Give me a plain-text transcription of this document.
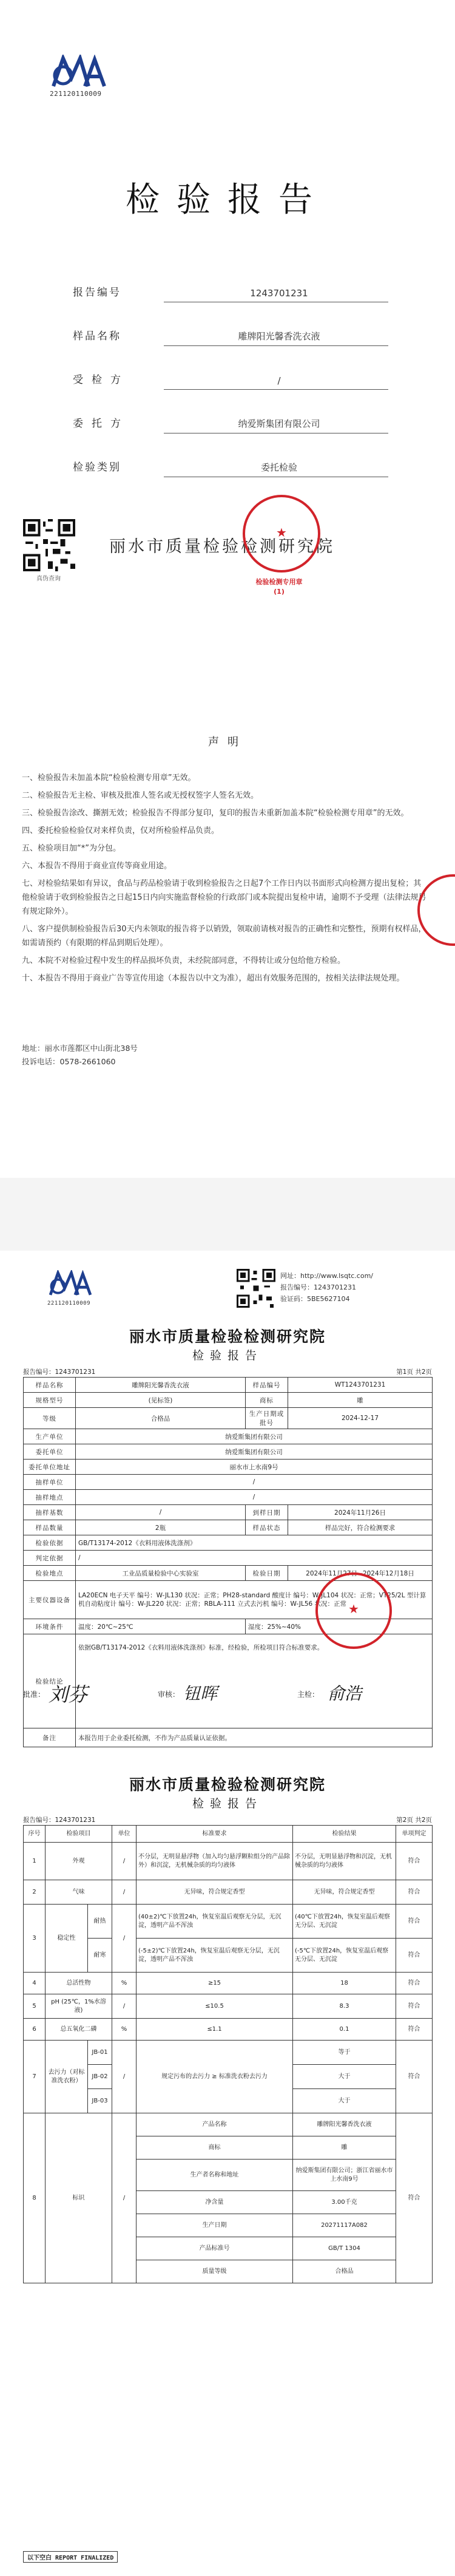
221120110009
检验报告
报告编号	1243701231
样品名称	雕牌阳光馨香洗衣液
受检方	/
委托方	纳爱斯集团有限公司
检验类别	委托检验
真伪查询
丽水市质量检验检测研究院
★
检验检测专用章
(1)
声明

一、检验报告未加盖本院“检验检测专用章”无效。

二、检验报告无主检、审核及批准人签名或无授权签字人签名无效。

三、检验报告涂改、撕割无效；检验报告不得部分复印，复印的报告未重新加盖本院“检验检测专用章”的无效。

四、委托检验检验仅对来样负责，仅对所检验样品负责。

五、检验项目加“*”为分包。

六、本报告不得用于商业宣传等商业用途。

七、对检验结果如有异议，食品与药品检验请于收到检验报告之日起7个工作日内以书面形式向检测方提出复检；其他检验请于收到检验报告之日起15日内向实施监督检验的行政部门或本院提出复检申请，逾期不予受理（法律法规另有规定除外）。

八、客户提供制检验报告后30天内未领取的报告将予以销毁，领取前请核对报告的正确性和完整性，预期有权样品，如需请预约（有限期的样品到期后处理）。

九、本院不对检验过程中发生的样品损坏负责，未经院部同意，不得转让或分包给他方检验。

十、本报告不得用于商业广告等宣传用途（本报告以中文为准），超出有效服务范围的，按相关法律法规处理。

地址：丽水市莲都区中山街北38号
投诉电话：0578-2661060
221120110009
网址：http://www.lsqtc.com/
报告编号：1243701231
验证码：5BE5627104
丽水市质量检验检测研究院
检验报告
报告编号：1243701231	第1页 共2页
样品名称	雕牌阳光馨香洗衣液	样品编号	WT1243701231
规格型号	(见标签)	商标	雕
等级	合格品	生产日期或批号	2024-12-17
生产单位	纳爱斯集团有限公司		
委托单位	纳爱斯集团有限公司		
委托单位地址	丽水市上水南9号		
抽样单位	/		
抽样地点	/		
抽样基数	/	到样日期	2024年11月26日
样品数量	2瓶	样品状态	样品完好，符合检测要求
检验依据	GB/T13174-2012《衣料用液体洗涤剂》		
判定依据	/		
检验地点	工业品质量检验中心实验室	检验日期	2024年11月27日~2024年12月18日
主要仪器设备	LA20ECN 电子天平 编号：W-JL130 状况：正常；PH28-standard 酸度计 编号：W-JL104 状况：正常；VT25/2L 型计算机自动粘度计 编号：W-JL220 状况：正常；RBLA-111 立式去污机 编号：W-JL56 状况：正常		
环境条件	温度：20℃~25℃	湿度：25%~40%	
检验结论	依据GB/T13174-2012《衣料用液体洗涤剂》标准，经检验，所检项目符合标准要求。		
备注	本报告用于企业委托检测，不作为产品质量认证依据。		
★
批准： 刘芬	审核： 钮晖	主检： 俞浩
丽水市质量检验检测研究院
检验报告
报告编号：1243701231	第2页 共2页
序号	检验项目		单位	标准要求	检验结果	单项判定
1	外观		/	不分层，无明显悬浮物（加入均匀悬浮颗粒组分的产品除外）和沉淀，无机械杂质的均匀液体	不分层，无明显悬浮物和沉淀，无机械杂质的均匀液体	符合
2	气味		/	无异味，符合规定香型	无异味，符合规定香型	符合
3	稳定性	耐热	/	(40±2)℃下放置24h，恢复室温后观察无分层，无沉淀，透明产品不浑浊	(40℃下放置24h，恢复室温后观察无分层、无沉淀	符合
		耐寒		(-5±2)℃下放置24h，恢复室温后观察无分层，无沉淀，透明产品不浑浊	(-5℃下放置24h，恢复室温后观察无分层、无沉淀	符合
4	总活性物		%	≥15	18	符合
5	pH (25℃，1%水溶液)		/	≤10.5	8.3	符合
6	总五氧化二磷		%	≤1.1	0.1	符合
7	去污力（对标准洗衣粉）	JB-01	/	规定污布的去污力 ≥ 标准洗衣粉去污力	等于	符合
		JB-02			大于	
		JB-03			大于	
8	标识		/	产品名称	雕牌阳光馨香洗衣液	符合
				商标	雕	
				生产者名称和地址	纳爱斯集团有限公司；浙江省丽水市上水南9号	
				净含量	3.00千克	
				生产日期	20271117A082	
				产品标准号	GB/T 1304	
				质量等级	合格品	
以下空白 REPORT FINALIZED
